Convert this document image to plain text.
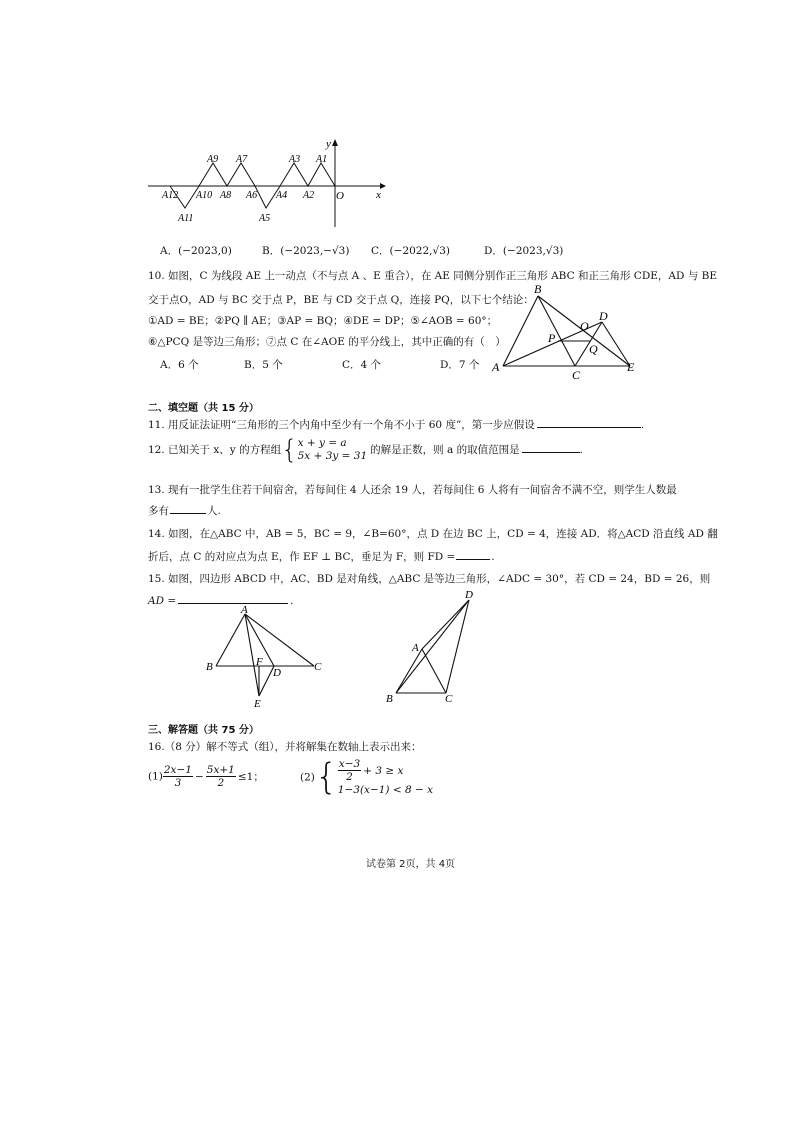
y
x
O
A9 A7	A3 A1
A12 A10 A8 A6 A4 A2
A11	A5
A．(−2023,0)	B．(−2023,−√3) C．(−2022,√3)	D．(−2023,√3)
10. 如图，C 为线段 AE 上一动点（不与点 A 、E 重合），在 AE 同侧分别作正三角形 ABC 和正三角形 CDE，AD 与 BE
交于点O，AD 与 BC 交于点 P，BE 与 CD 交于点 Q，连接 PQ，以下七个结论：
①AD = BE；②PQ ∥ AE；③AP = BQ；④DE = DP；⑤∠AOB = 60°；
⑥△PCQ 是等边三角形；⑦点 C 在∠AOE 的平分线上，其中正确的有（　）
A．6 个	B．5 个	C．4 个	D．7 个
B
O
D
P
Q
A
C
E
二、填空题（共 15 分）
11. 用反证法证明“三角形的三个内角中至少有一个角不小于 60 度”，第一步应假设	.
12. 已知关于 x、y 的方程组{ x + y = a
5x + 3y = 31 的解是正数，则 a 的取值范围是	.
13. 现有一批学生住若干间宿舍，若每间住 4 人还余 19 人，若每间住 6 人将有一间宿舍不满不空，则学生人数最
多有	人.
14. 如图，在△ABC 中，AB = 5，BC = 9，∠B=60°，点 D 在边 BC 上，CD = 4，连接 AD．将△ACD 沿直线 AD 翻
折后，点 C 的对应点为点 E，作 EF ⊥ BC，垂足为 F，则 FD =	.
15. 如图，四边形 ABCD 中，AC、BD 是对角线，△ABC 是等边三角形，∠ADC = 30°，若 CD = 24，BD = 26，则
AD =	.
A
B	F
D	C
E
D
A
B	C
三、解答题（共 75 分）
16.（8 分）解不等式（组），并将解集在数轴上表示出来：
$(1) \frac{2x-1}{3} - \frac{5x+1}{2} \le 1$；	$(2)\{ \frac{x-3}{2} + 3 \ge x$
1−3(x−1) < 8 − x
试卷第 2页，共 4页
